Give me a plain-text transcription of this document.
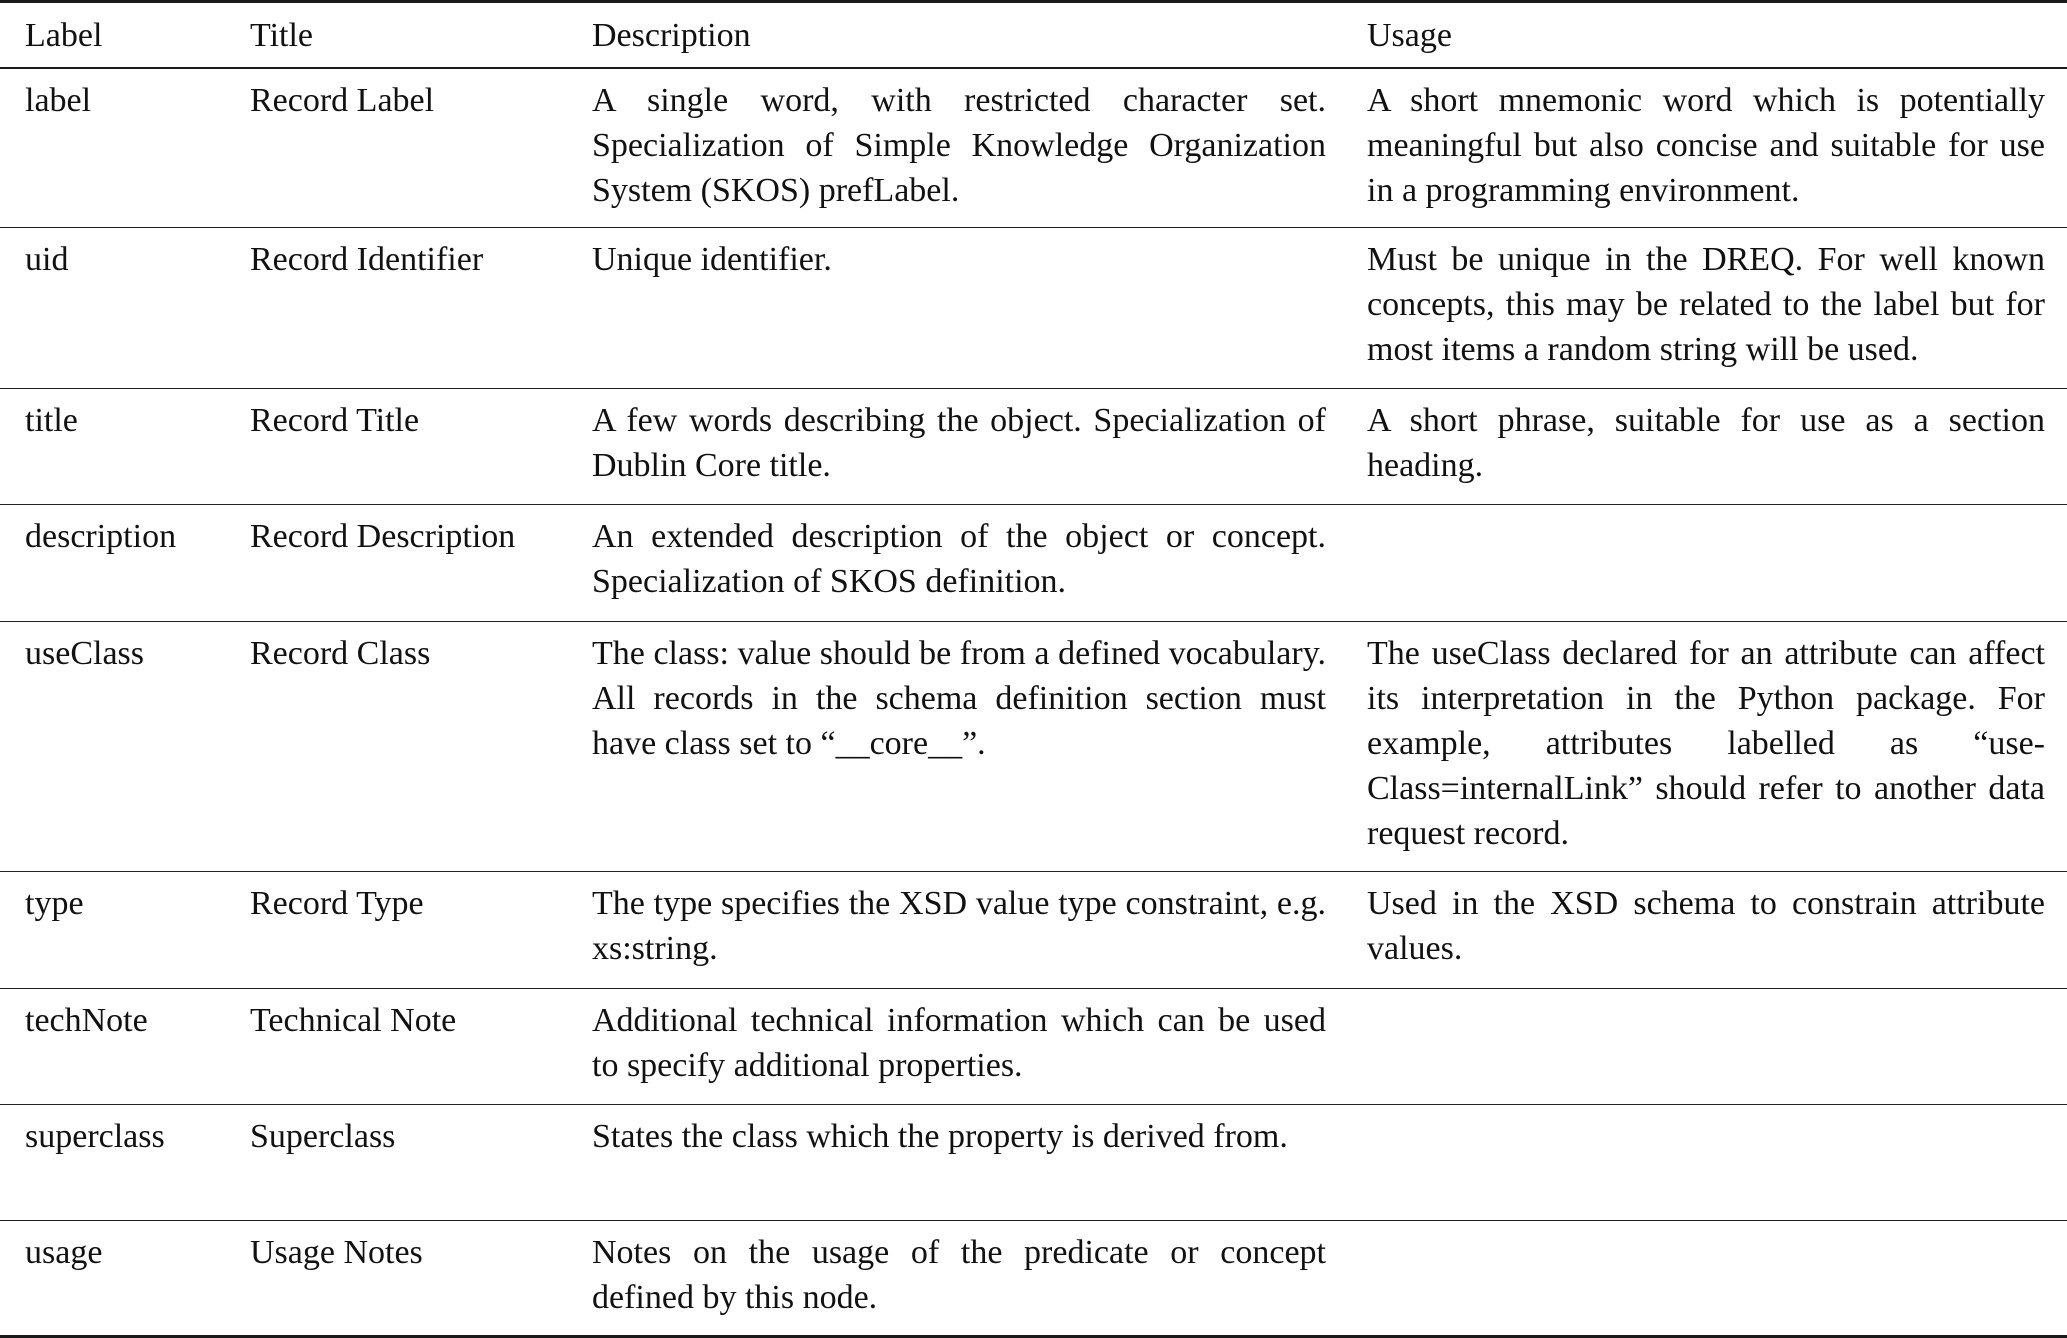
Label	Title	Description	Usage

label	Record Label	A single word, with restricted character set. Specialization of Simple Knowledge Organization System (SKOS) prefLabel.	A short mnemonic word which is potentially meaningful but also concise and suitable for use in a programming environment.

uid	Record Identifier	Unique identifier.	Must be unique in the DREQ. For well known concepts, this may be related to the label but for most items a random string will be used.

title	Record Title	A few words describing the object. Specialization of Dublin Core title.	A short phrase, suitable for use as a section heading.

description	Record Description	An extended description of the object or concept. Specialization of SKOS definition.	

useClass	Record Class	The class: value should be from a defined vocabulary. All records in the schema definition section must have class set to “__core__”.	The useClass declared for an attribute can affect its interpretation in the Python package. For example, attributes labelled as “useClass=internalLink” should refer to another data request record.

type	Record Type	The type specifies the XSD value type constraint, e.g. xs:string.	Used in the XSD schema to constrain attribute values.

techNote	Technical Note	Additional technical information which can be used to specify additional properties.	

superclass	Superclass	States the class which the property is derived from.	

usage	Usage Notes	Notes on the usage of the predicate or concept defined by this node.	
